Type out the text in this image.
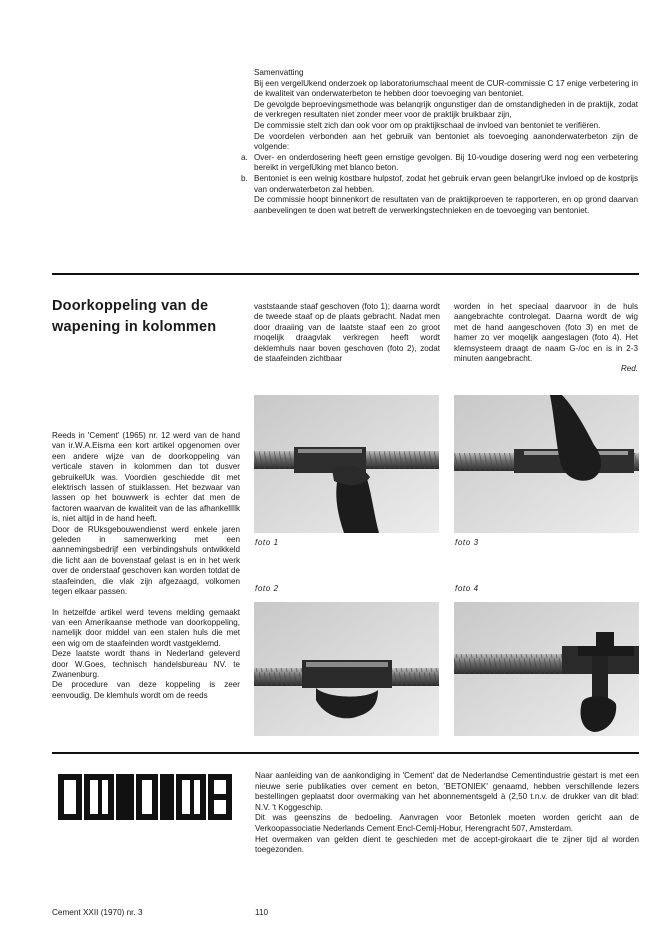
Samenvatting

Bij een vergelUkend onderzoek op laboratoriumschaal meent de CUR-commissie C 17 enige verbetering in de kwaliteit van onderwaterbeton te hebben door toevoeging van bentoniet.

De gevolgde beproevingsmethode was belanqrijk ongunstiger dan de omstandigheden in de praktijk, zodat de verkregen resultaten niet zonder meer voor de praktijk bruikbaar zijn,

De commissie stelt zich dan ook voor om op praktijkschaal de invloed van bentoniet te verifiëren.

De voordelen verbonden aan het gebruik van bentoniet als toevoeging aanonderwaterbeton zijn de volgende:

a. Over- en onderdosering heeft geen ernstige gevolgen. Bij 10-voudige dosering werd nog een verbetering bereikt in vergelUking met blanco beton.
b. Bentoniet is een welnig kostbare hulpstof, zodat het gebruik ervan geen belangrUke invloed op de kostprijs van onderwaterbeton zal hebben.

De commissie hoopt binnenkort de resultaten van de praktijkproeven te rapporteren, en op grond daarvan aanbevelingen te doen wat betreft de verwerkingstechnieken en de toevoeging van bentoniet.

Doorkoppeling van de wapening in kolommen

vaststaande staaf geschoven (foto 1); daarna wordt de tweede staaf op de plaats gebracht. Nadat men door draaiing van de laatste staaf een zo groot rnoqelijk draagvlak verkregen heeft wordt deklemhuls naar boven geschoven (foto 2), zodat de staafeinden zichtbaar

worden in het speciaal daarvoor in de huls aangebrachte controlegat. Daarna wordt de wig met de hand aangeschoven (foto 3) en met de hamer zo ver moqelijk aangeslagen (foto 4). Het klemsysteem draagt de naam G-/oc en is in 2-3 minuten aangebracht.

Red.

Reeds in 'Cement' (1965) nr. 12 werd van de hand van ir.W.A.Eisma een kort artikel opgenomen over een andere wijze van de doorkoppeling van verticale staven in kolommen dan tot dusver gebruikelUk was. Voordien geschiedde dit met elektrisch lassen of stuiklassen. Het bezwaar van lassen op het bouwwerk is echter dat men de factoren waarvan de kwaliteit van de las afhankellIlk is, niet altijd in de hand heeft.

Door de RUksgebouwendienst werd enkele jaren geleden in samenwerking met een aannemingsbedrijf een verbindingshuls ontwikkeld die licht aan de bovenstaaf gelast is en in het werk over de onderstaaf geschoven kan worden totdat de staafeinden, die vlak zijn afgezaagd, volkomen tegen elkaar passen.

In hetzelfde artikel werd tevens melding gemaakt van een Amerikaanse methode van doorkoppeling, namelijk door middel van een stalen huls die met een wig om de staafeinden wordt vastgeklemd.

Deze laatste wordt thans in Nederland geleverd door W.Goes, technisch handelsbureau NV. te Zwanenburg.

De procedure van deze koppeling is zeer eenvoudig. De klemhuls wordt om de reeds

foto 1	foto 3
foto 2	foto 4

Naar aanleiding van de aankondiging in 'Cement' dat de Nederlandse Cementindustrie gestart is met een nieuwe serie publikaties over cement en beton, 'BETONIEK' genaamd, hebben verschillende lezers bestellingen geplaatst door overmaking van het abonnementsgeld à (2,50 t.n.v. de drukker van dit blad: N.V. 't Koggeschip.

Dit was geenszins de bedoeling. Aanvragen voor Betonlek moeten worden gericht aan de Verkoopassociatie Nederlands Cement Encl-Cemlj-Hobur, Herengracht 507, Amsterdam.

Het overmaken van gelden dient te geschieden met de accept-girokaart die te zijner tijd al worden toegezonden.

Cement XXII (1970) nr. 3	110
